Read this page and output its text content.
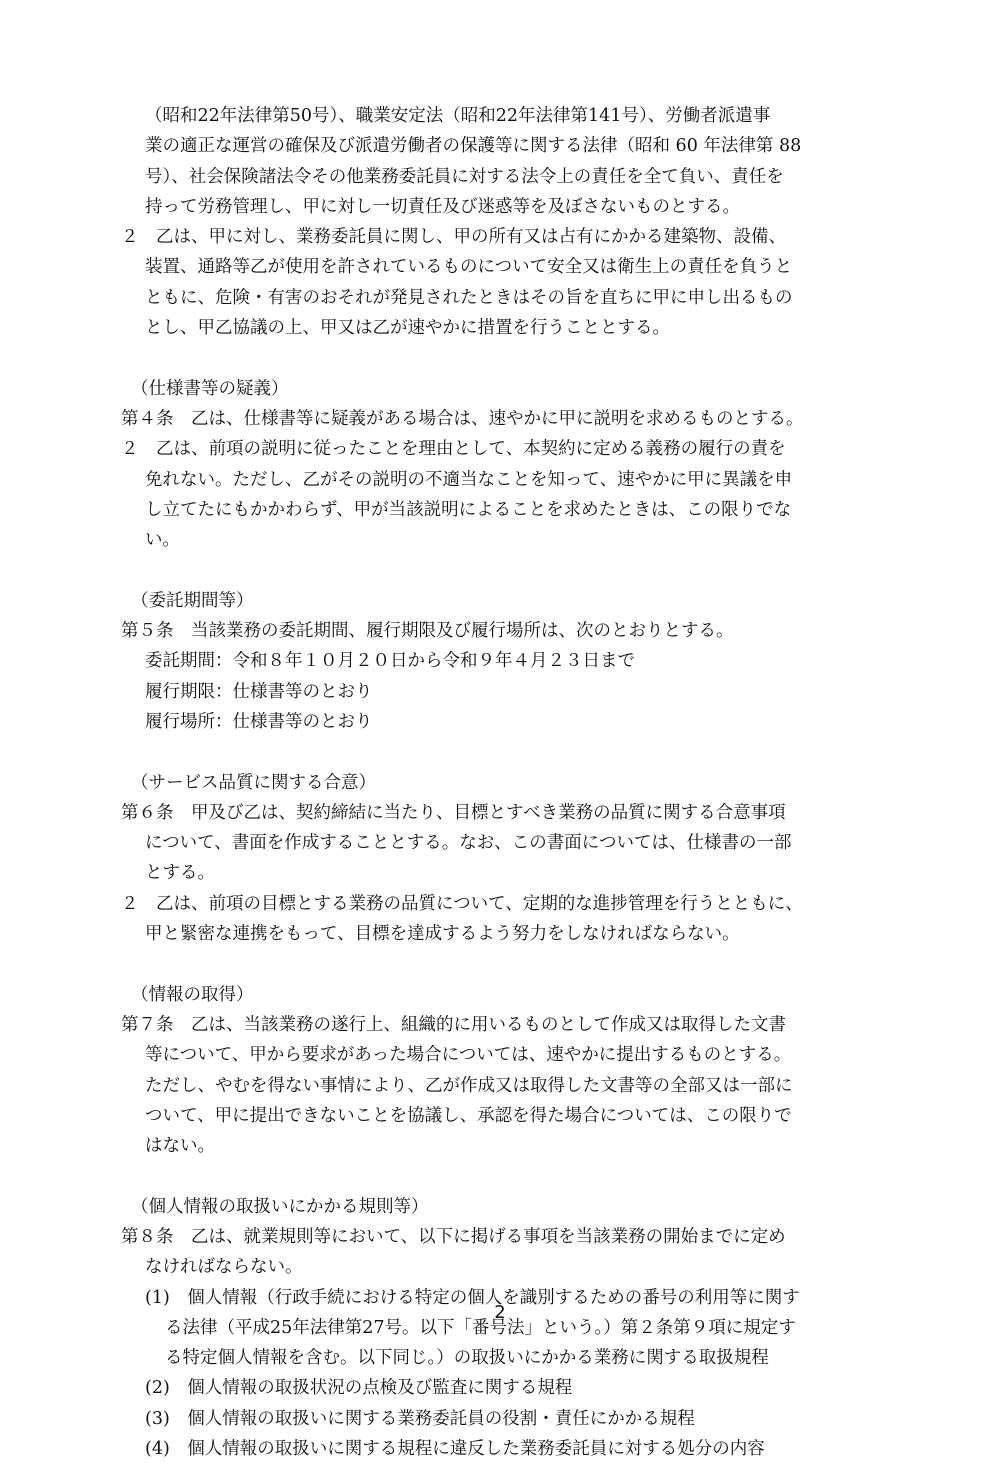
（昭和22年法律第50号）、職業安定法（昭和22年法律第141号）、労働者派遣事
業の適正な運営の確保及び派遣労働者の保護等に関する法律（昭和 60 年法律第 88
号）、社会保険諸法令その他業務委託員に対する法令上の責任を全て負い、責任を
持って労務管理し、甲に対し一切責任及び迷惑等を及ぼさないものとする。
２　乙は、甲に対し、業務委託員に関し、甲の所有又は占有にかかる建築物、設備、
装置、通路等乙が使用を許されているものについて安全又は衛生上の責任を負うと
ともに、危険・有害のおそれが発見されたときはその旨を直ちに甲に申し出るもの
とし、甲乙協議の上、甲又は乙が速やかに措置を行うこととする。
（仕様書等の疑義）
第４条　乙は、仕様書等に疑義がある場合は、速やかに甲に説明を求めるものとする。
２　乙は、前項の説明に従ったことを理由として、本契約に定める義務の履行の責を
免れない。ただし、乙がその説明の不適当なことを知って、速やかに甲に異議を申
し立てたにもかかわらず、甲が当該説明によることを求めたときは、この限りでな
い。
（委託期間等）
第５条　当該業務の委託期間、履行期限及び履行場所は、次のとおりとする。
委託期間：令和８年１０月２０日から令和９年４月２３日まで
履行期限：仕様書等のとおり
履行場所：仕様書等のとおり
（サービス品質に関する合意）
第６条　甲及び乙は、契約締結に当たり、目標とすべき業務の品質に関する合意事項
について、書面を作成することとする。なお、この書面については、仕様書の一部
とする。
２　乙は、前項の目標とする業務の品質について、定期的な進捗管理を行うとともに、
甲と緊密な連携をもって、目標を達成するよう努力をしなければならない。
（情報の取得）
第７条　乙は、当該業務の遂行上、組織的に用いるものとして作成又は取得した文書
等について、甲から要求があった場合については、速やかに提出するものとする。
ただし、やむを得ない事情により、乙が作成又は取得した文書等の全部又は一部に
ついて、甲に提出できないことを協議し、承認を得た場合については、この限りで
はない。
（個人情報の取扱いにかかる規則等）
第８条　乙は、就業規則等において、以下に掲げる事項を当該業務の開始までに定め
なければならない。
(1)　個人情報（行政手続における特定の個人を識別するための番号の利用等に関す
る法律（平成25年法律第27号。以下「番号法」という。）第２条第９項に規定す
る特定個人情報を含む。以下同じ。）の取扱いにかかる業務に関する取扱規程
(2)　個人情報の取扱状況の点検及び監査に関する規程
(3)　個人情報の取扱いに関する業務委託員の役割・責任にかかる規程
(4)　個人情報の取扱いに関する規程に違反した業務委託員に対する処分の内容
2
